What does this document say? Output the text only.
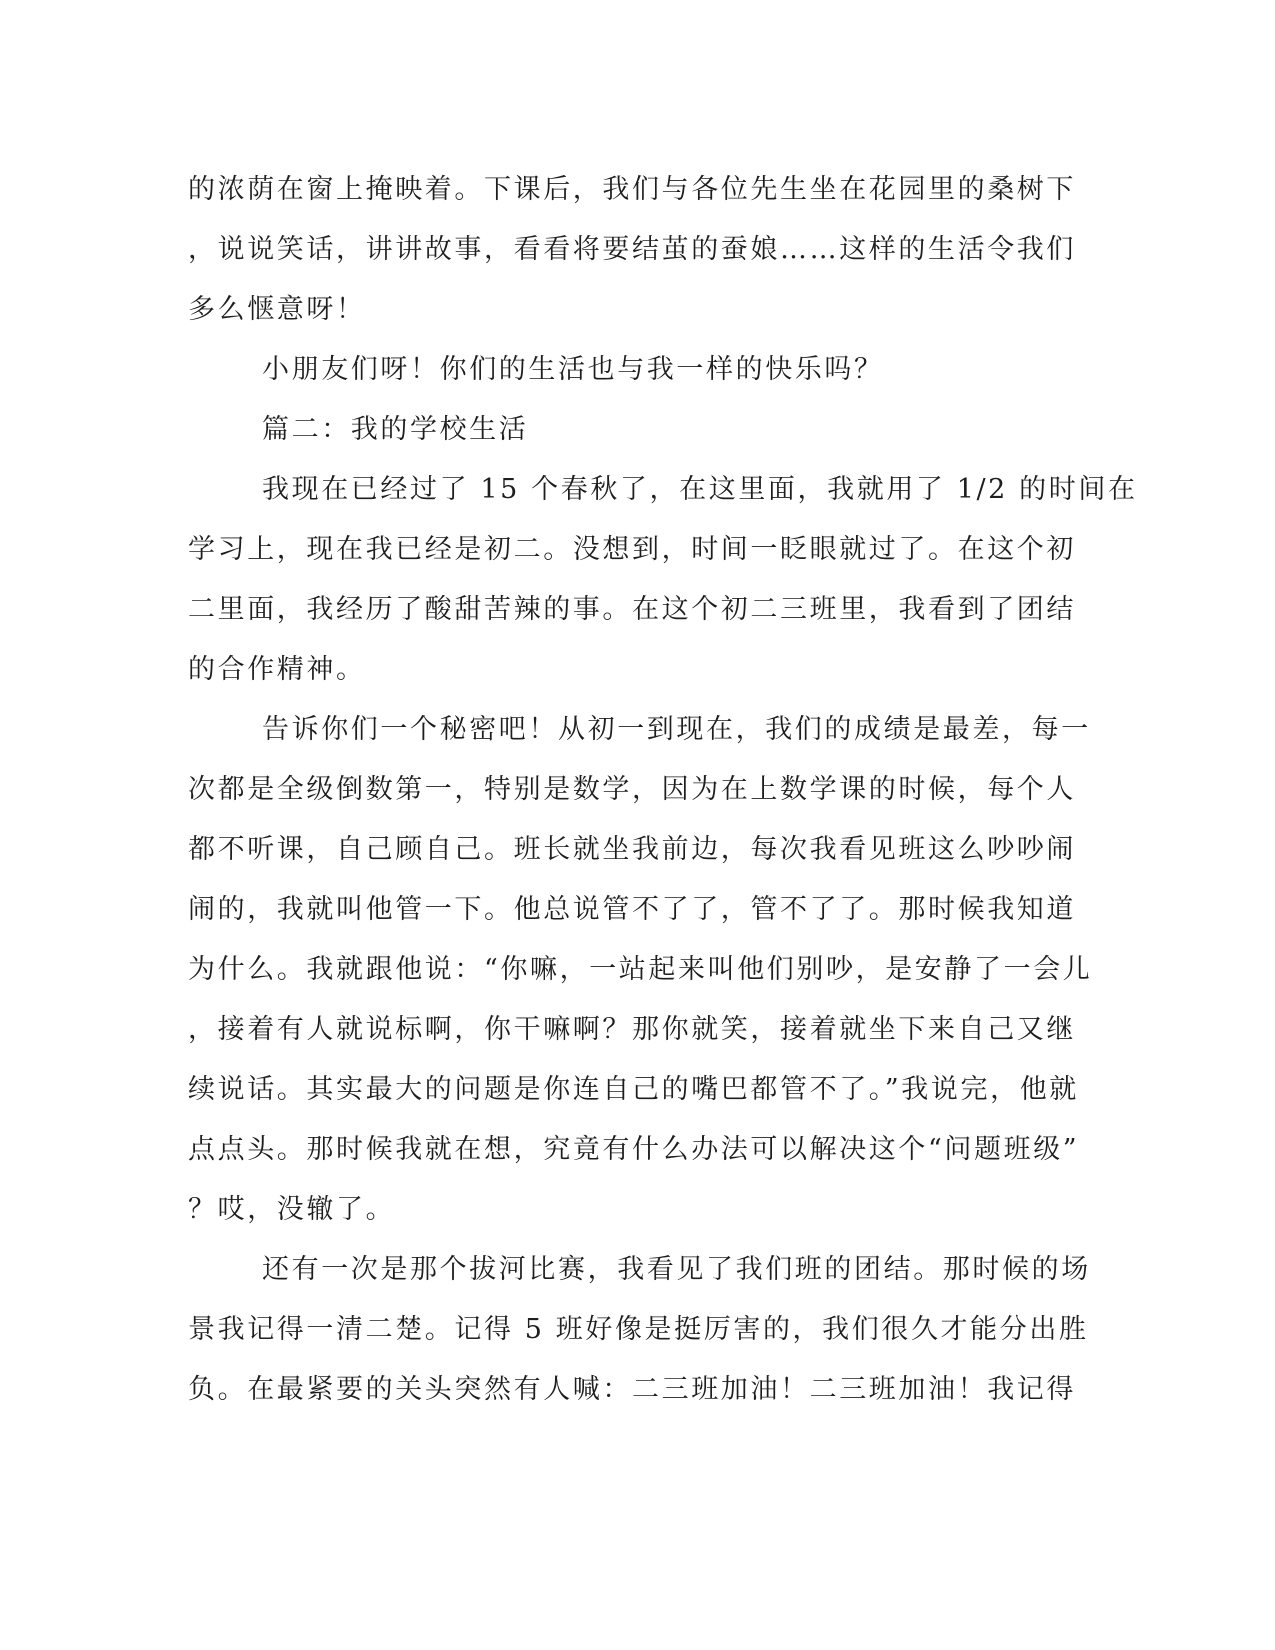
的浓荫在窗上掩映着。下课后，我们与各位先生坐在花园里的桑树下
，说说笑话，讲讲故事，看看将要结茧的蚕娘……这样的生活令我们
多么惬意呀！
小朋友们呀！你们的生活也与我一样的快乐吗？
篇二：我的学校生活
我现在已经过了 15 个春秋了，在这里面，我就用了 1/2 的时间在
学习上，现在我已经是初二。没想到，时间一眨眼就过了。在这个初
二里面，我经历了酸甜苦辣的事。在这个初二三班里，我看到了团结
的合作精神。
告诉你们一个秘密吧！从初一到现在，我们的成绩是最差，每一
次都是全级倒数第一，特别是数学，因为在上数学课的时候，每个人
都不听课，自己顾自己。班长就坐我前边，每次我看见班这么吵吵闹
闹的，我就叫他管一下。他总说管不了了，管不了了。那时候我知道
为什么。我就跟他说：“你嘛，一站起来叫他们别吵，是安静了一会儿
，接着有人就说标啊，你干嘛啊？那你就笑，接着就坐下来自己又继
续说话。其实最大的问题是你连自己的嘴巴都管不了。”我说完，他就
点点头。那时候我就在想，究竟有什么办法可以解决这个“问题班级”
？哎，没辙了。
还有一次是那个拔河比赛，我看见了我们班的团结。那时候的场
景我记得一清二楚。记得 5 班好像是挺厉害的，我们很久才能分出胜
负。在最紧要的关头突然有人喊：二三班加油！二三班加油！我记得
